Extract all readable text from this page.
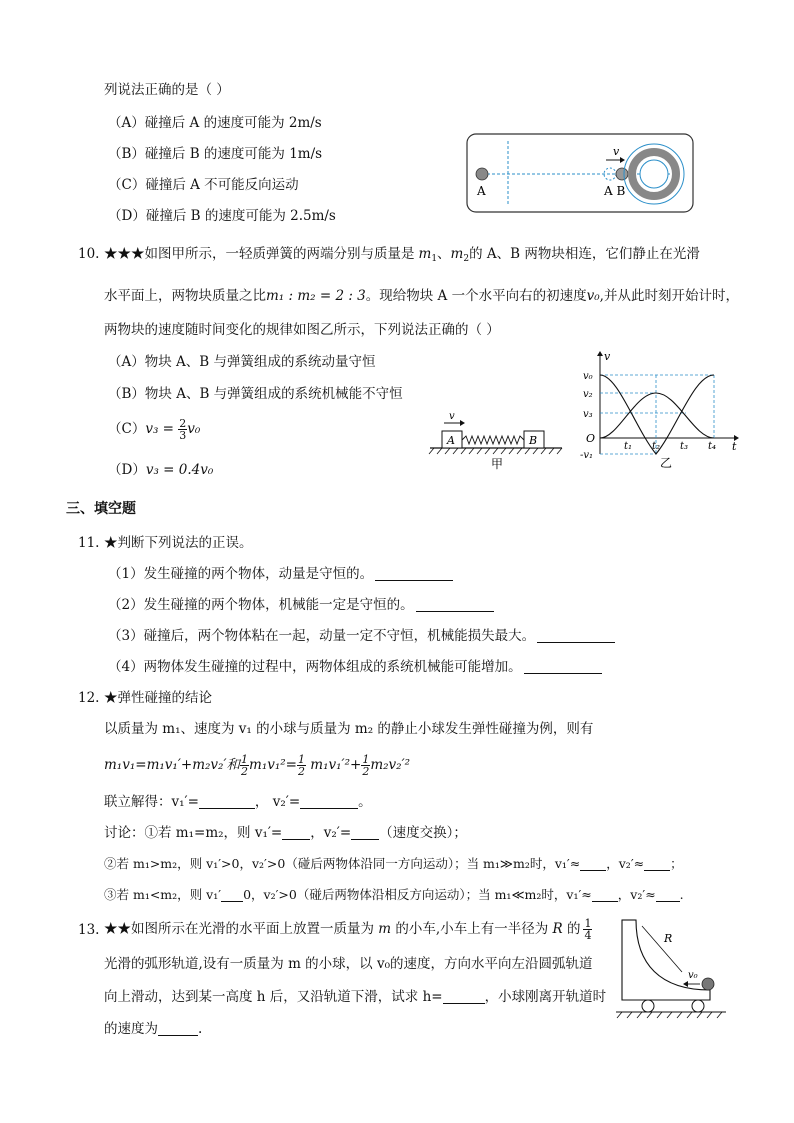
列说法正确的是（ ）
（A）碰撞后 A 的速度可能为 2m/s
（B）碰撞后 B 的速度可能为 1m/s
（C）碰撞后 A 不可能反向运动
（D）碰撞后 B 的速度可能为 2.5m/s
v
A	A B
10. ★★★如图甲所示，一轻质弹簧的两端分别与质量是 $m_1$、$m_2$的 A、B 两物块相连，它们静止在光滑
水平面上，两物块质量之比m₁ : m₂ = 2 : 3。现给物块 A 一个水平向右的初速度v₀,并从此时刻开始计时，
两物块的速度随时间变化的规律如图乙所示，下列说法正确的（ ）
（A）物块 A、B 与弹簧组成的系统动量守恒
（B）物块 A、B 与弹簧组成的系统机械能不守恒
$(C)v_3 = \frac{2}{3} v_0$
（D）v₃ = 0.4v₀
v
A	B
甲
v
t
O
v₀
v₂
v₃
-v₁
t₁ t₂ t₃ t₄
乙
三、填空题
11. ★判断下列说法的正误。
（1）发生碰撞的两个物体，动量是守恒的。
（2）发生碰撞的两个物体，机械能一定是守恒的。
（3）碰撞后，两个物体粘在一起，动量一定不守恒，机械能损失最大。
（4）两物体发生碰撞的过程中，两物体组成的系统机械能可能增加。
12. ★弹性碰撞的结论
以质量为 m₁、速度为 v₁ 的小球与质量为 m₂ 的静止小球发生弹性碰撞为例，则有
m₁v₁=m₁v₁′+m₂v₂′和 $\frac{1}{2} m_1v_1^2= \frac{1}{2} m_1v_1'^2+ \frac{1}{2} m_2v_2'^2$
联立解得：v₁′=	， v₂′=	。
讨论：①若 m₁=m₂，则 v₁′= ，v₂′= （速度交换）；
②若 m₁>m₂，则 v₁′>0，v₂′>0（碰后两物体沿同一方向运动）；当 m₁≫m₂时，v₁′≈ ，v₂′≈ ；
③若 m₁<m₂，则 v₁′ 0，v₂′>0（碰后两物体沿相反方向运动）；当 m₁≪m₂时，v₁′≈ ，v₂′≈ .
13. ★★如图所示在光滑的水平面上放置一质量为 m 的小车,小车上有一半径为 R 的 $\frac{1}{4}$
光滑的弧形轨道,设有一质量为 m 的小球，以 v₀的速度，方向水平向左沿圆弧轨道
向上滑动，达到某一高度 h 后，又沿轨道下滑，试求 h=	，小球刚离开轨道时
的速度为	.
R
v₀
